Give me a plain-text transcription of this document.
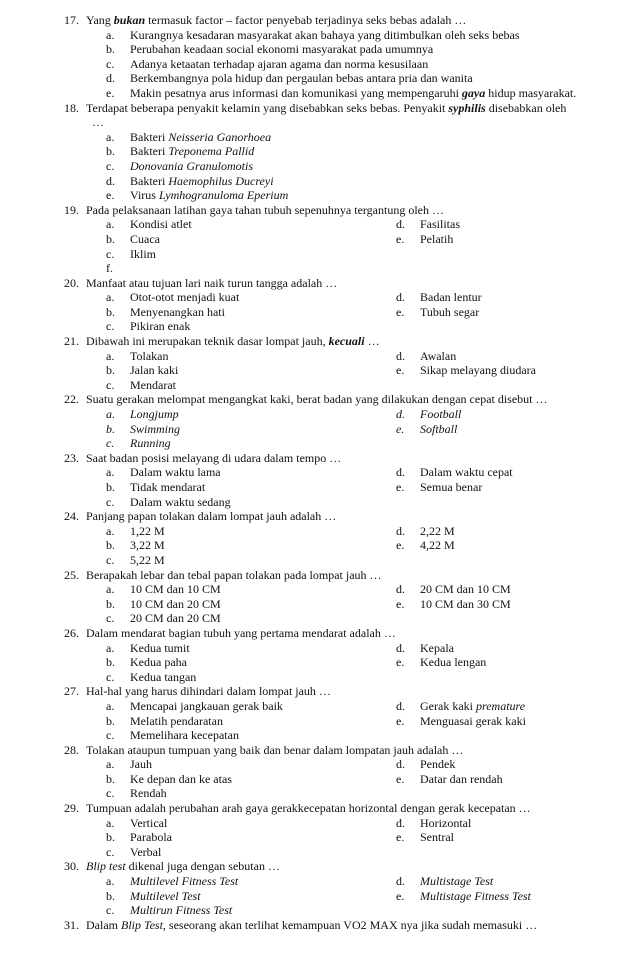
17. Yang bukan termasuk factor – factor penyebab terjadinya seks bebas adalah …
a.	Kurangnya kesadaran masyarakat akan bahaya yang ditimbulkan oleh seks bebas
b.	Perubahan keadaan social ekonomi masyarakat pada umumnya
c.	Adanya ketaatan terhadap ajaran agama dan norma kesusilaan
d.	Berkembangnya pola hidup dan pergaulan bebas antara pria dan wanita
e.	Makin pesatnya arus informasi dan komunikasi yang mempengaruhi gaya hidup masyarakat.
18. Terdapat beberapa penyakit kelamin yang disebabkan seks bebas. Penyakit syphilis disebabkan oleh
…
a.	Bakteri Neisseria Ganorhoea
b.	Bakteri Treponema Pallid
c.	Donovania Granulomotis
d.	Bakteri Haemophilus Ducreyi
e.	Virus Lymhogranuloma Eperium
19. Pada pelaksanaan latihan gaya tahan tubuh sepenuhnya tergantung oleh …
a.	Kondisi atlet	d.	Fasilitas
b.	Cuaca	e.	Pelatih
c.	Iklim
f.
20. Manfaat atau tujuan lari naik turun tangga adalah …
a.	Otot-otot menjadi kuat	d.	Badan lentur
b.	Menyenangkan hati	e.	Tubuh segar
c.	Pikiran enak
21. Dibawah ini merupakan teknik dasar lompat jauh, kecuali …
a.	Tolakan	d.	Awalan
b.	Jalan kaki	e.	Sikap melayang diudara
c.	Mendarat
22. Suatu gerakan melompat mengangkat kaki, berat badan yang dilakukan dengan cepat disebut …
a.	Longjump	d.	Football
b.	Swimming	e.	Softball
c.	Running
23. Saat badan posisi melayang di udara dalam tempo …
a.	Dalam waktu lama	d.	Dalam waktu cepat
b.	Tidak mendarat	e.	Semua benar
c.	Dalam waktu sedang
24. Panjang papan tolakan dalam lompat jauh adalah …
a.	1,22 M	d.	2,22 M
b.	3,22 M	e.	4,22 M
c.	5,22 M
25. Berapakah lebar dan tebal papan tolakan pada lompat jauh …
a.	10 CM dan 10 CM	d.	20 CM dan 10 CM
b.	10 CM dan 20 CM	e.	10 CM dan 30 CM
c.	20 CM dan 20 CM
26. Dalam mendarat bagian tubuh yang pertama mendarat adalah …
a.	Kedua tumit	d.	Kepala
b.	Kedua paha	e.	Kedua lengan
c.	Kedua tangan
27. Hal-hal yang harus dihindari dalam lompat jauh …
a.	Mencapai jangkauan gerak baik	d.	Gerak kaki premature
b.	Melatih pendaratan	e.	Menguasai gerak kaki
c.	Memelihara kecepatan
28. Tolakan ataupun tumpuan yang baik dan benar dalam lompatan jauh adalah …
a.	Jauh	d.	Pendek
b.	Ke depan dan ke atas	e.	Datar dan rendah
c.	Rendah
29. Tumpuan adalah perubahan arah gaya gerakkecepatan horizontal dengan gerak kecepatan …
a.	Vertical	d.	Horizontal
b.	Parabola	e.	Sentral
c.	Verbal
30. Blip test dikenal juga dengan sebutan …
a.	Multilevel Fitness Test	d.	Multistage Test
b.	Multilevel Test	e.	Multistage Fitness Test
c.	Multirun Fitness Test
31. Dalam Blip Test, seseorang akan terlihat kemampuan VO2 MAX nya jika sudah memasuki …
